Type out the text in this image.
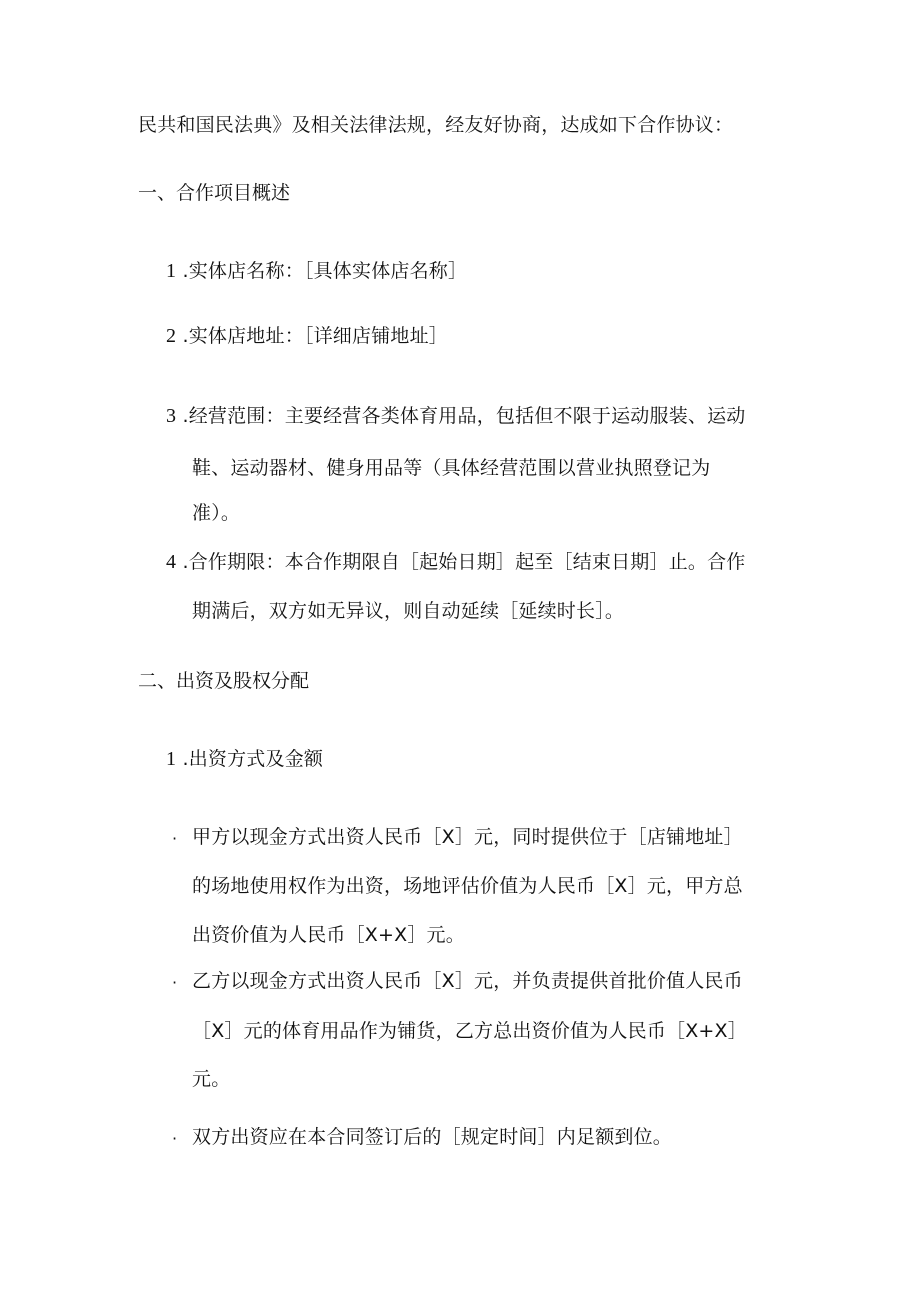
民共和国民法典》及相关法律法规，经友好协商，达成如下合作协议：
一、合作项目概述
1 .实体店名称：［具体实体店名称］
2 .实体店地址：［详细店铺地址］
3 .经营范围：主要经营各类体育用品，包括但不限于运动服装、运动
鞋、运动器材、健身用品等（具体经营范围以营业执照登记为
准）。
4 .合作期限：本合作期限自［起始日期］起至［结束日期］止。合作
期满后，双方如无异议，则自动延续［延续时长］。
二、出资及股权分配
1 .出资方式及金额
· 甲方以现金方式出资人民币［X］元，同时提供位于［店铺地址］
的场地使用权作为出资，场地评估价值为人民币［X］元，甲方总
出资价值为人民币［X+X］元。
· 乙方以现金方式出资人民币［X］元，并负责提供首批价值人民币
［X］元的体育用品作为铺货，乙方总出资价值为人民币［X+X］
元。
· 双方出资应在本合同签订后的［规定时间］内足额到位。
